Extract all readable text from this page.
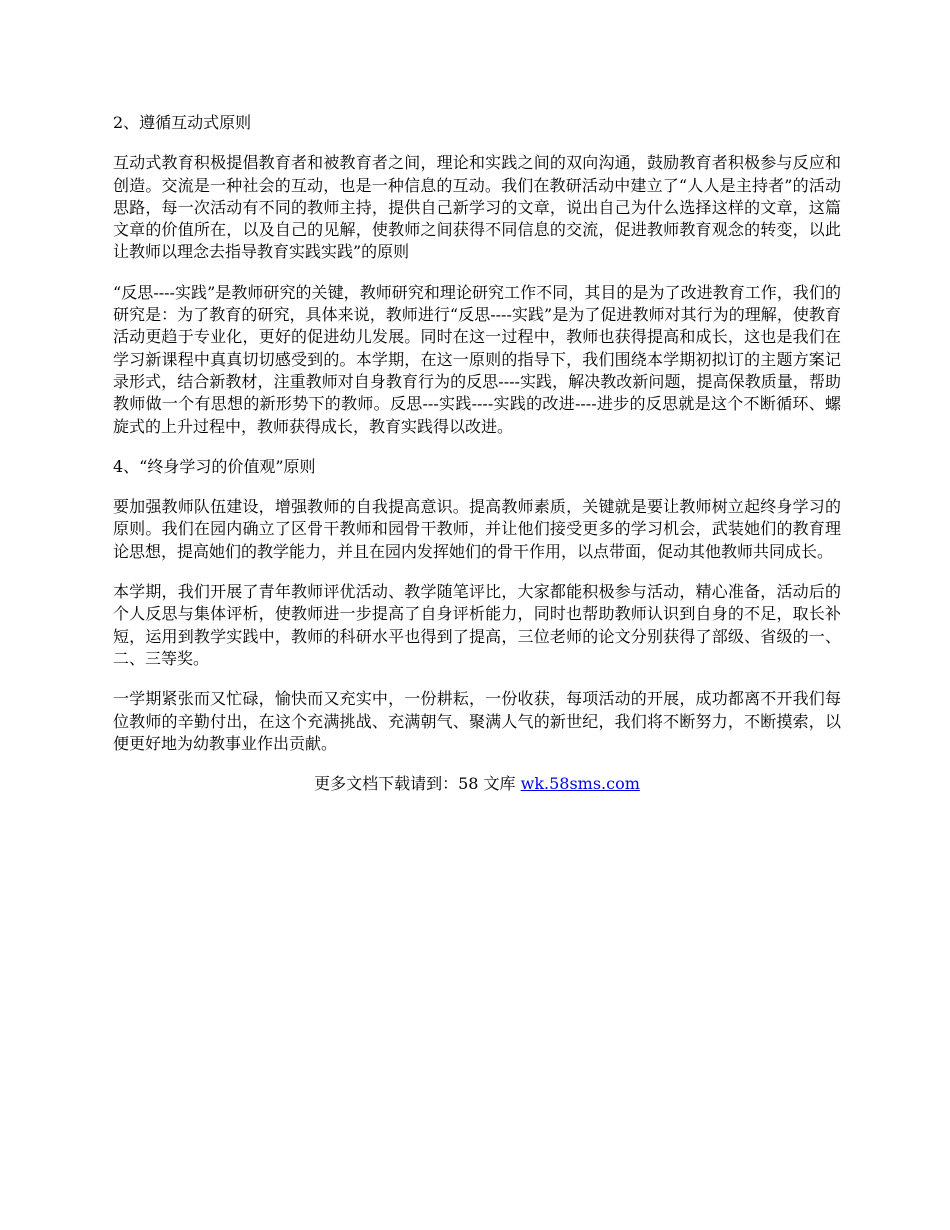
2、遵循互动式原则
互动式教育积极提倡教育者和被教育者之间，理论和实践之间的双向沟通，鼓励教育者积极参与反应和创造。交流是一种社会的互动，也是一种信息的互动。我们在教研活动中建立了“人人是主持者”的活动思路，每一次活动有不同的教师主持，提供自己新学习的文章，说出自己为什么选择这样的文章，这篇文章的价值所在，以及自己的见解，使教师之间获得不同信息的交流，促进教师教育观念的转变，以此让教师以理念去指导教育实践实践”的原则
“反思----实践”是教师研究的关键，教师研究和理论研究工作不同，其目的是为了改进教育工作，我们的研究是：为了教育的研究，具体来说，教师进行“反思----实践”是为了促进教师对其行为的理解，使教育活动更趋于专业化，更好的促进幼儿发展。同时在这一过程中，教师也获得提高和成长，这也是我们在学习新课程中真真切切感受到的。本学期，在这一原则的指导下，我们围绕本学期初拟订的主题方案记录形式，结合新教材，注重教师对自身教育行为的反思----实践，解决教改新问题，提高保教质量，帮助教师做一个有思想的新形势下的教师。反思---实践----实践的改进----进步的反思就是这个不断循环、螺旋式的上升过程中，教师获得成长，教育实践得以改进。
4、“终身学习的价值观”原则
要加强教师队伍建设，增强教师的自我提高意识。提高教师素质，关键就是要让教师树立起终身学习的原则。我们在园内确立了区骨干教师和园骨干教师，并让他们接受更多的学习机会，武装她们的教育理论思想，提高她们的教学能力，并且在园内发挥她们的骨干作用，以点带面，促动其他教师共同成长。
本学期，我们开展了青年教师评优活动、教学随笔评比，大家都能积极参与活动，精心准备，活动后的个人反思与集体评析，使教师进一步提高了自身评析能力，同时也帮助教师认识到自身的不足，取长补短，运用到教学实践中，教师的科研水平也得到了提高，三位老师的论文分别获得了部级、省级的一、二、三等奖。
一学期紧张而又忙碌，愉快而又充实中，一份耕耘，一份收获，每项活动的开展，成功都离不开我们每位教师的辛勤付出，在这个充满挑战、充满朝气、聚满人气的新世纪，我们将不断努力，不断摸索，以便更好地为幼教事业作出贡献。
更多文档下载请到：58 文库 wk.58sms.com
